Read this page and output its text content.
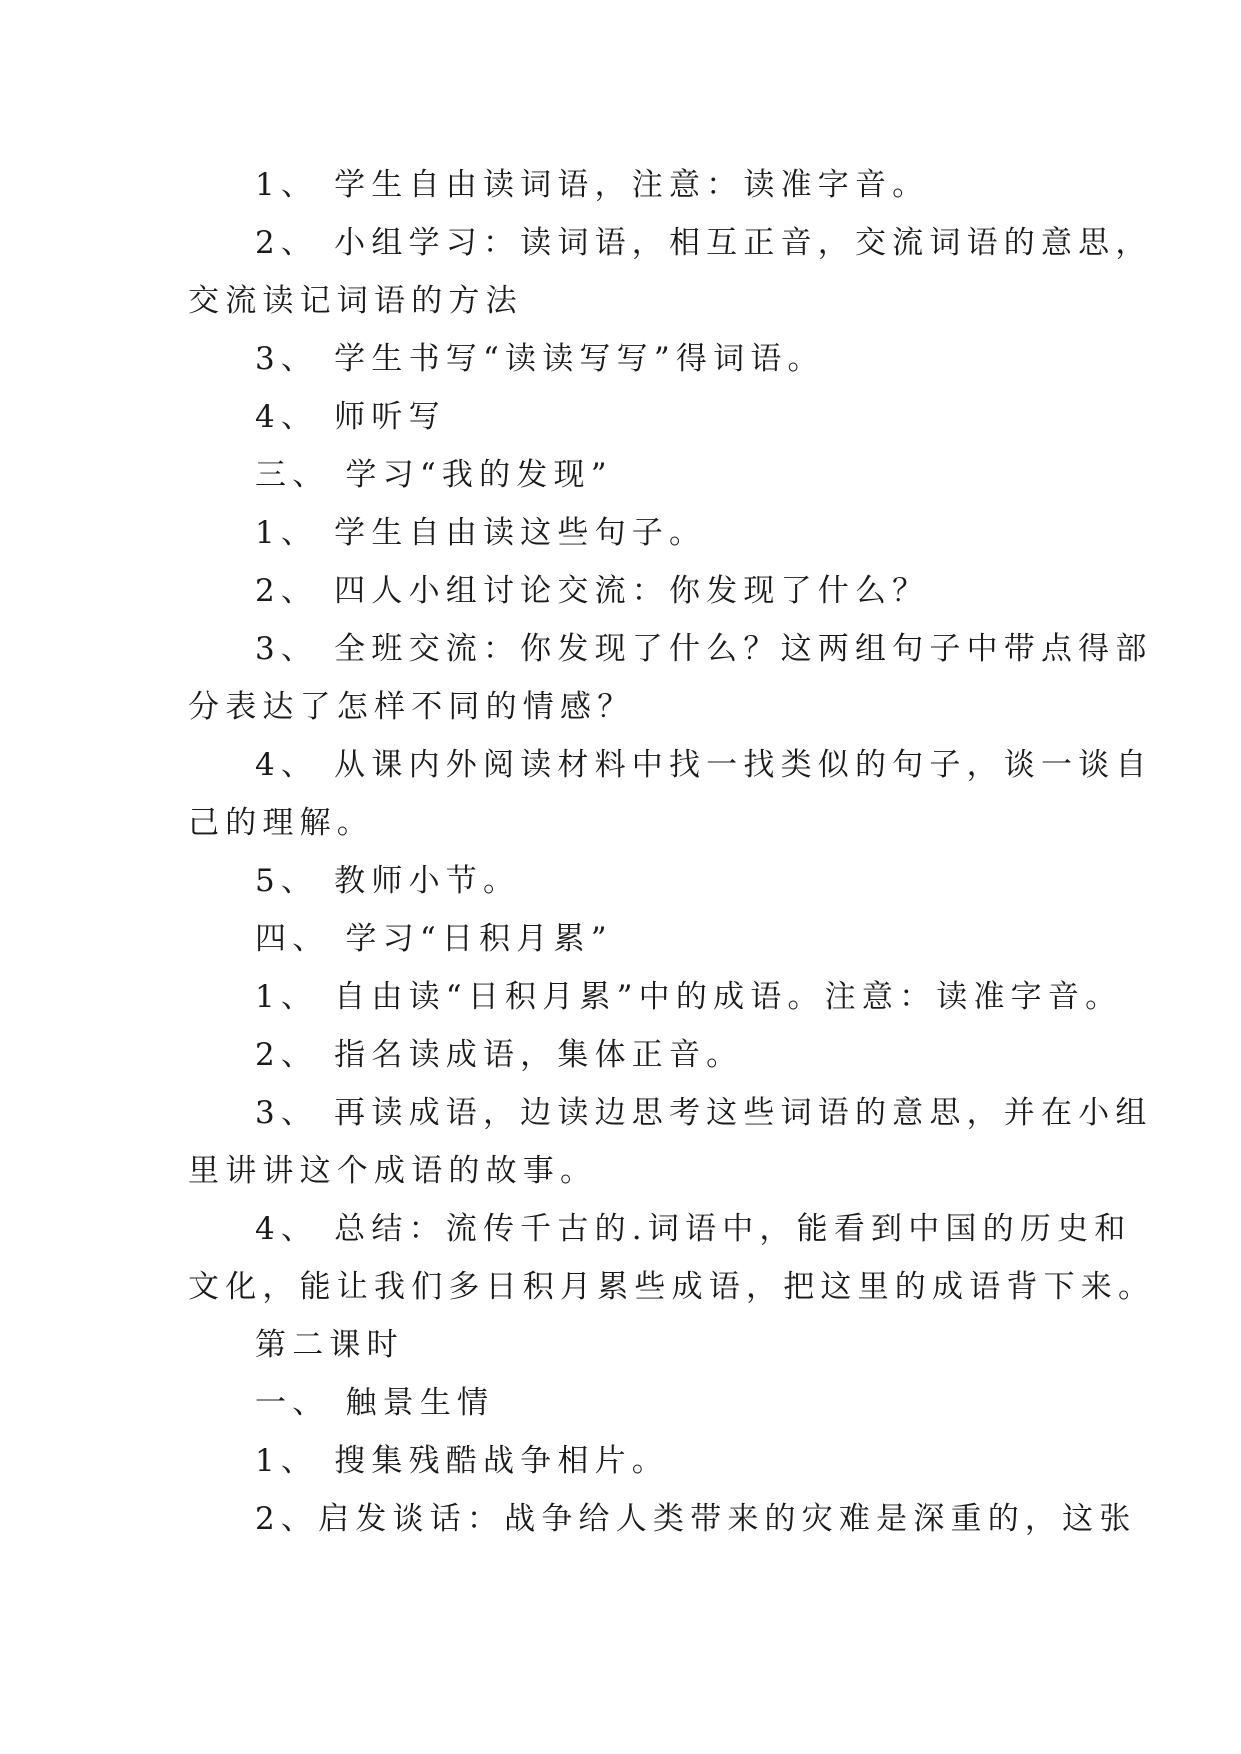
1、 学生自由读词语，注意：读准字音。
2、 小组学习：读词语，相互正音，交流词语的意思，
交流读记词语的方法
3、 学生书写“读读写写”得词语。
4、 师听写
三、 学习“我的发现”
1、 学生自由读这些句子。
2、 四人小组讨论交流：你发现了什么？
3、 全班交流：你发现了什么？这两组句子中带点得部
分表达了怎样不同的情感？
4、 从课内外阅读材料中找一找类似的句子，谈一谈自
己的理解。
5、 教师小节。
四、 学习“日积月累”
1、 自由读“日积月累”中的成语。注意：读准字音。
2、 指名读成语，集体正音。
3、 再读成语，边读边思考这些词语的意思，并在小组
里讲讲这个成语的故事。
4、 总结：流传千古的.词语中，能看到中国的历史和
文化，能让我们多日积月累些成语，把这里的成语背下来。
第二课时
一、 触景生情
1、 搜集残酷战争相片。
2、启发谈话：战争给人类带来的灾难是深重的，这张
